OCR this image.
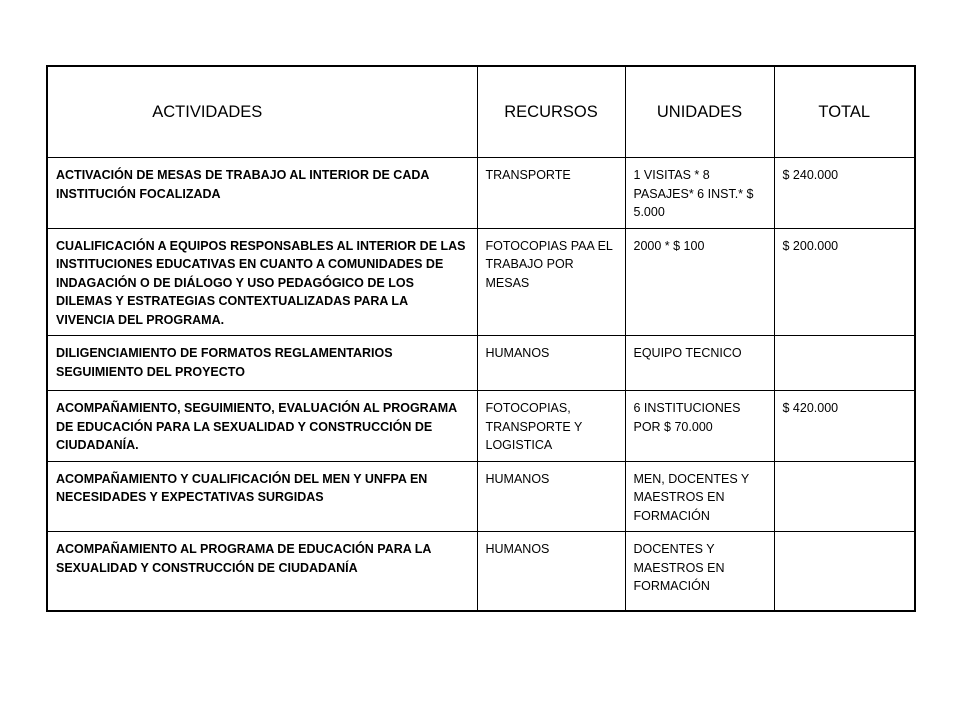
ACTIVIDADES	RECURSOS	UNIDADES	TOTAL
ACTIVACIÓN DE MESAS DE TRABAJO AL INTERIOR DE CADA INSTITUCIÓN FOCALIZADA	TRANSPORTE	1 VISITAS * 8 PASAJES* 6 INST.* $ 5.000	$ 240.000
CUALIFICACIÓN A EQUIPOS RESPONSABLES AL INTERIOR DE LAS INSTITUCIONES EDUCATIVAS EN CUANTO A COMUNIDADES DE INDAGACIÓN O DE DIÁLOGO Y USO PEDAGÓGICO DE LOS DILEMAS Y ESTRATEGIAS CONTEXTUALIZADAS PARA LA VIVENCIA DEL PROGRAMA.	FOTOCOPIAS PAA EL TRABAJO POR MESAS	2000 * $ 100	$ 200.000
DILIGENCIAMIENTO DE FORMATOS REGLAMENTARIOS SEGUIMIENTO DEL PROYECTO	HUMANOS	EQUIPO TECNICO	
ACOMPAÑAMIENTO, SEGUIMIENTO, EVALUACIÓN AL PROGRAMA DE EDUCACIÓN PARA LA SEXUALIDAD Y CONSTRUCCIÓN DE CIUDADANÍA.	FOTOCOPIAS, TRANSPORTE Y LOGISTICA	6 INSTITUCIONES POR $ 70.000	$ 420.000
ACOMPAÑAMIENTO Y CUALIFICACIÓN DEL MEN Y UNFPA EN NECESIDADES Y EXPECTATIVAS SURGIDAS	HUMANOS	MEN, DOCENTES Y MAESTROS EN FORMACIÓN	
ACOMPAÑAMIENTO AL PROGRAMA DE EDUCACIÓN PARA LA SEXUALIDAD Y CONSTRUCCIÓN DE CIUDADANÍA	HUMANOS	DOCENTES Y MAESTROS EN FORMACIÓN	
